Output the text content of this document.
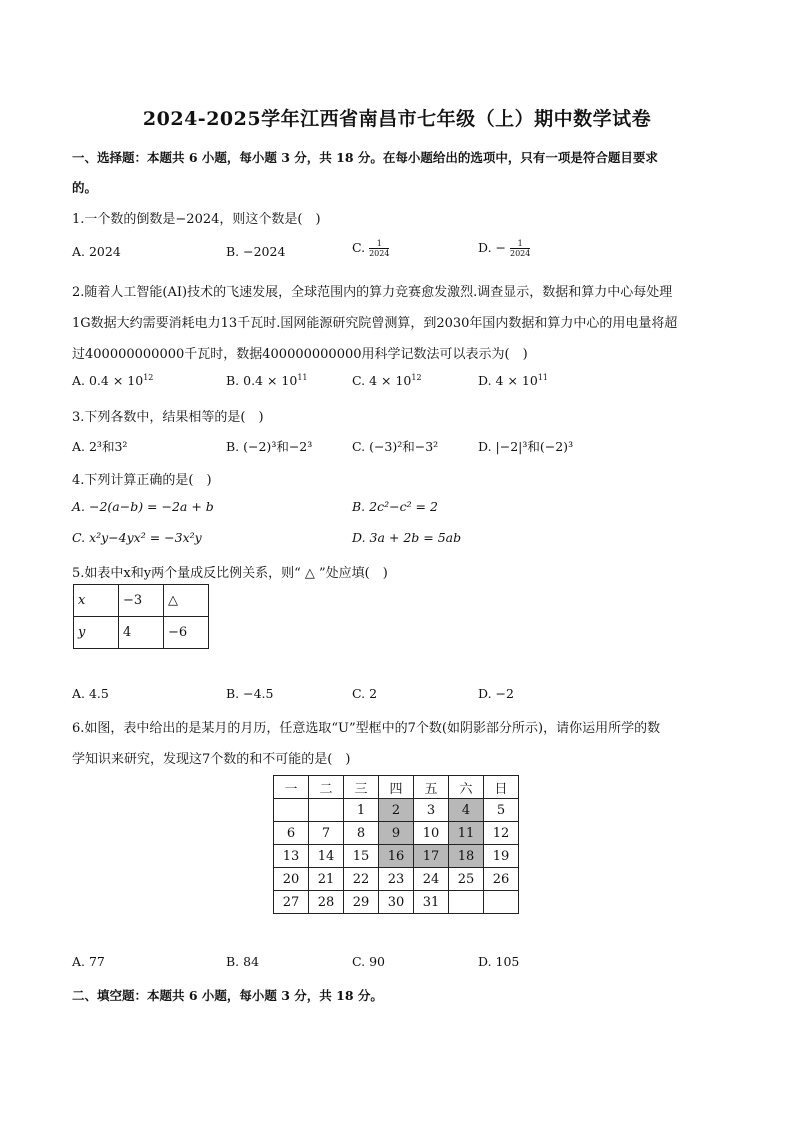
2024-2025学年江西省南昌市七年级（上）期中数学试卷
一、选择题：本题共 6 小题，每小题 3 分，共 18 分。在每小题给出的选项中，只有一项是符合题目要求
的。
1.一个数的倒数是−2024，则这个数是(　)
A. 2024	B. −2024	C. $\frac{1}{2024}$	D. − $\frac{1}{2024}$
2.随着人工智能(AI)技术的飞速发展，全球范围内的算力竞赛愈发激烈.调查显示，数据和算力中心每处理
1G数据大约需要消耗电力13千瓦时.国网能源研究院曾测算，到2030年国内数据和算力中心的用电量将超
过400000000000千瓦时，数据400000000000用科学记数法可以表示为(　)
A. $0.4 \times 10^{12}$	B. $0.4 \times 10^{11}$	C. $4 \times 10^{12}$	D. $4 \times 10^{11}$
3.下列各数中，结果相等的是(　)
A. 2³和3²	B. (−2)³和−2³	C. (−3)²和−3²	D. |−2|³和(−2)³
4.下列计算正确的是(　)
A. −2(a−b) = −2a + b	B. 2c²−c² = 2
C. x²y−4yx² = −3x²y	D. 3a + 2b = 5ab
5.如表中x和y两个量成反比例关系，则“ △ ”处应填(　)
x	−3	△
y	4	−6
A. 4.5	B. −4.5	C. 2	D. −2
6.如图，表中给出的是某月的月历，任意选取“U”型框中的7个数(如阴影部分所示)，请你运用所学的数
学知识来研究，发现这7个数的和不可能的是(　)
一	二	三	四	五	六	日
		1	2	3	4	5
6	7	8	9	10	11	12
13	14	15	16	17	18	19
20	21	22	23	24	25	26
27	28	29	30	31		
A. 77	B. 84	C. 90	D. 105
二、填空题：本题共 6 小题，每小题 3 分，共 18 分。
